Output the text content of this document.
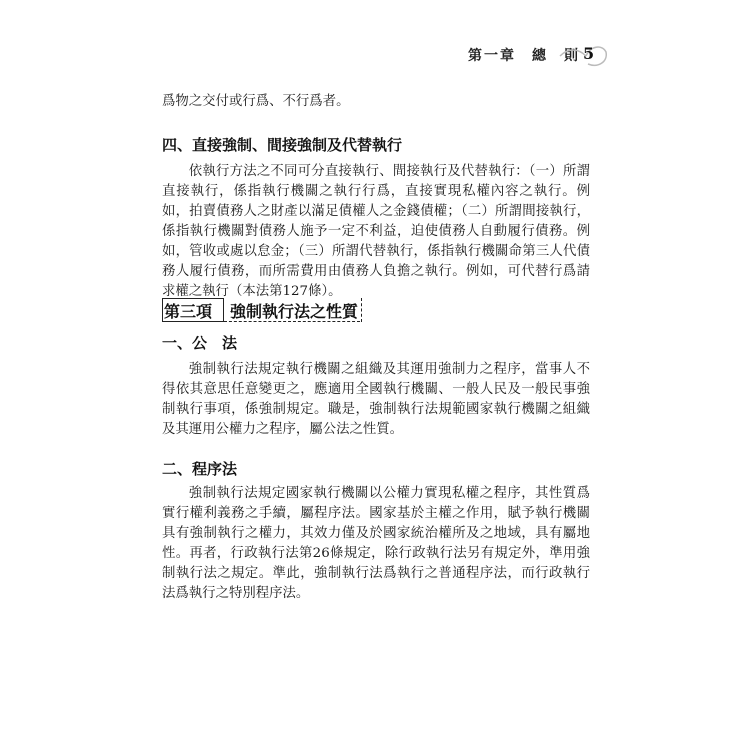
第一章　總　則 5

爲物之交付或行爲、不行爲者。

四、直接強制、間接強制及代替執行

依執行方法之不同可分直接執行、間接執行及代替執行：（一）所謂直接執行，係指執行機關之執行行爲，直接實現私權內容之執行。例如，拍賣債務人之財產以滿足債權人之金錢債權；（二）所謂間接執行，係指執行機關對債務人施予一定不利益，迫使債務人自動履行債務。例如，管收或處以怠金；（三）所謂代替執行，係指執行機關命第三人代債務人履行債務，而所需費用由債務人負擔之執行。例如，可代替行爲請求權之執行（本法第127條）。

第三項 強制執行法之性質
一、公　法

強制執行法規定執行機關之組織及其運用強制力之程序，當事人不得依其意思任意變更之，應適用全國執行機關、一般人民及一般民事強制執行事項，係強制規定。職是，強制執行法規範國家執行機關之組織及其運用公權力之程序，屬公法之性質。

二、程序法

強制執行法規定國家執行機關以公權力實現私權之程序，其性質爲實行權利義務之手續，屬程序法。國家基於主權之作用，賦予執行機關具有強制執行之權力，其效力僅及於國家統治權所及之地域，具有屬地性。再者，行政執行法第26條規定，除行政執行法另有規定外，準用強制執行法之規定。準此，強制執行法爲執行之普通程序法，而行政執行法爲執行之特別程序法。
